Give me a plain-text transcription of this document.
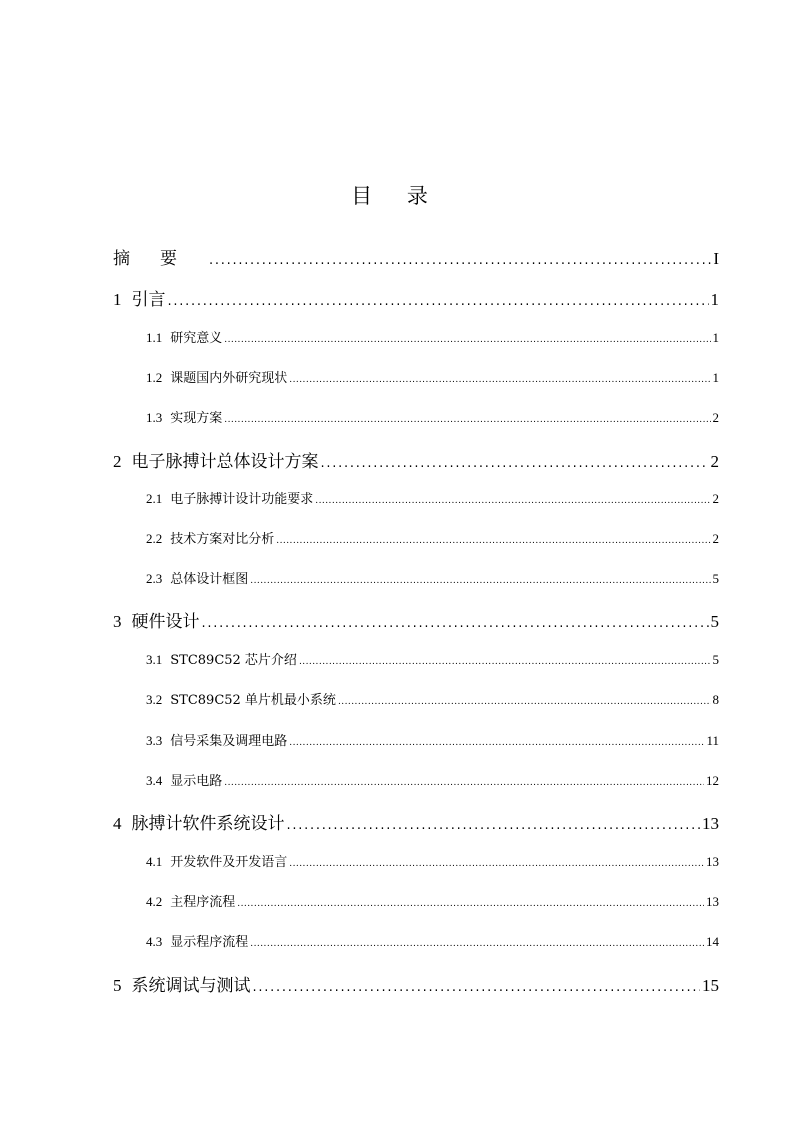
目 录
摘要 . . .	I
1 引言 . . .	1
1.1 研究意义 . . .	1
1.2 课题国内外研究现状 . . .	1
1.3 实现方案 . . .	2
2 电子脉搏计总体设计方案 . . .	2
2.1 电子脉搏计设计功能要求 . . .	2
2.2 技术方案对比分析 . . .	2
2.3 总体设计框图 . . .	5
3 硬件设计 . . .	5
3.1 STC89C52 芯片介绍 . . .	5
3.2 STC89C52 单片机最小系统 . . .	8
3.3 信号采集及调理电路 . . .	11
3.4 显示电路 . . .	12
4 脉搏计软件系统设计 . . .	13
4.1 开发软件及开发语言 . . .	13
4.2 主程序流程 . . .	13
4.3 显示程序流程 . . .	14
5 系统调试与测试 . . .	15
